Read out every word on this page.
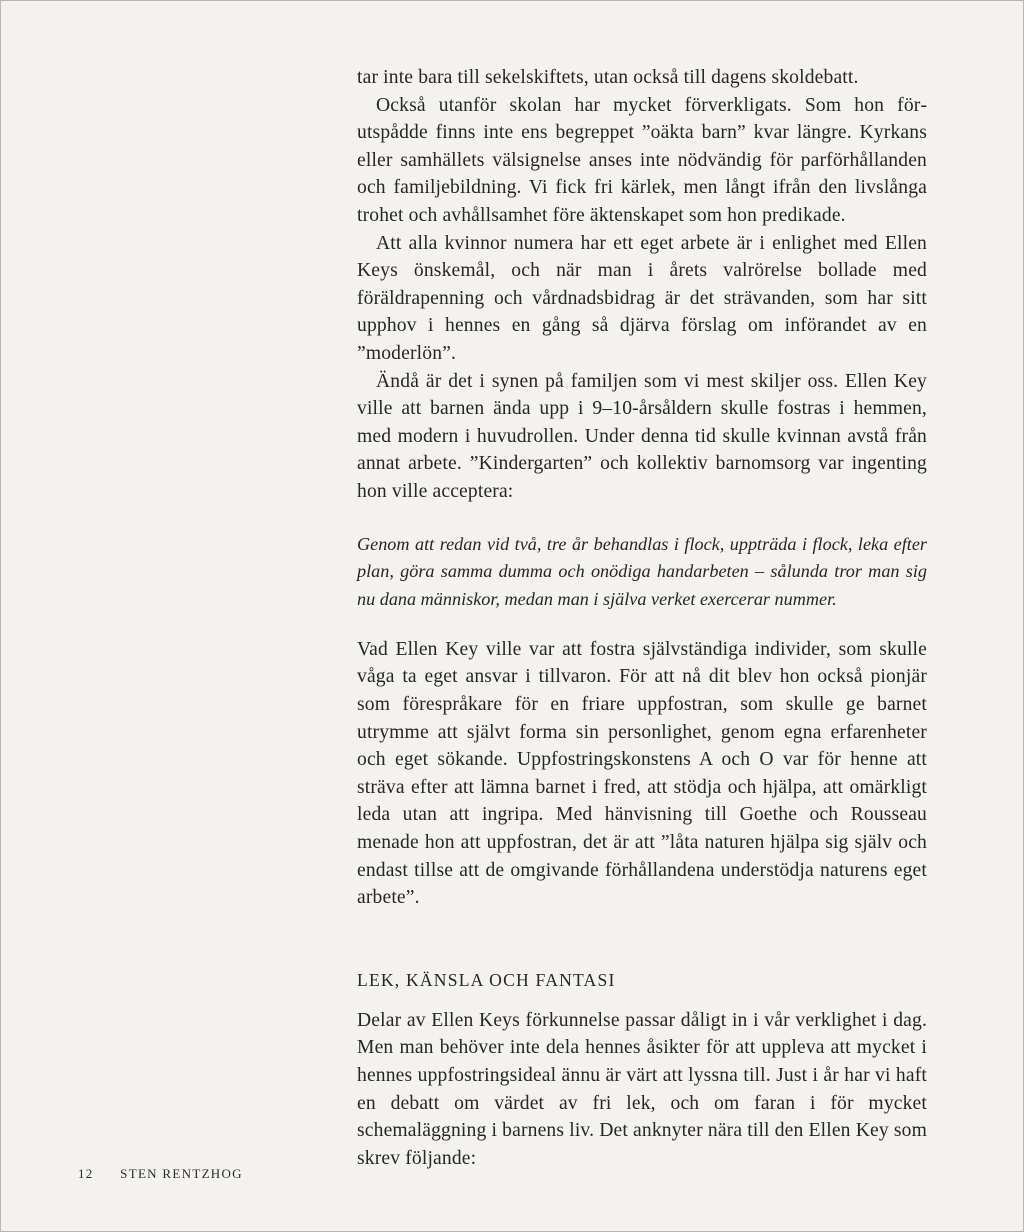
tar inte bara till sekelskiftets, utan också till dagens skoldebatt.

Också utanför skolan har mycket förverkligats. Som hon förutspådde finns inte ens begreppet ”oäkta barn” kvar längre. Kyrkans eller samhällets välsignelse anses inte nödvändig för parförhållanden och familjebildning. Vi fick fri kärlek, men långt ifrån den livslånga trohet och avhållsamhet före äktenskapet som hon predikade.

Att alla kvinnor numera har ett eget arbete är i enlighet med Ellen Keys önskemål, och när man i årets valrörelse bollade med föräldrapenning och vårdnadsbidrag är det strävanden, som har sitt upphov i hennes en gång så djärva förslag om införandet av en ”moderlön”.

Ändå är det i synen på familjen som vi mest skiljer oss. Ellen Key ville att barnen ända upp i 9–10-årsåldern skulle fostras i hemmen, med modern i huvudrollen. Under denna tid skulle kvinnan avstå från annat arbete. ”Kindergarten” och kollektiv barnomsorg var ingenting hon ville acceptera:

Genom att redan vid två, tre år behandlas i flock, uppträda i flock, leka efter plan, göra samma dumma och onödiga handarbeten – sålunda tror man sig nu dana människor, medan man i själva verket exercerar nummer.

Vad Ellen Key ville var att fostra självständiga individer, som skulle våga ta eget ansvar i tillvaron. För att nå dit blev hon också pionjär som förespråkare för en friare uppfostran, som skulle ge barnet utrymme att självt forma sin personlighet, genom egna erfarenheter och eget sökande. Uppfostringskonstens A och O var för henne att sträva efter att lämna barnet i fred, att stödja och hjälpa, att omärkligt leda utan att ingripa. Med hänvisning till Goethe och Rousseau menade hon att uppfostran, det är att ”låta naturen hjälpa sig själv och endast tillse att de omgivande förhållandena understödja naturens eget arbete”.

LEK, KÄNSLA OCH FANTASI

Delar av Ellen Keys förkunnelse passar dåligt in i vår verklighet i dag. Men man behöver inte dela hennes åsikter för att uppleva att mycket i hennes uppfostringsideal ännu är värt att lyssna till. Just i år har vi haft en debatt om värdet av fri lek, och om faran i för mycket schemaläggning i barnens liv. Det anknyter nära till den Ellen Key som skrev följande:

12 STEN RENTZHOG
